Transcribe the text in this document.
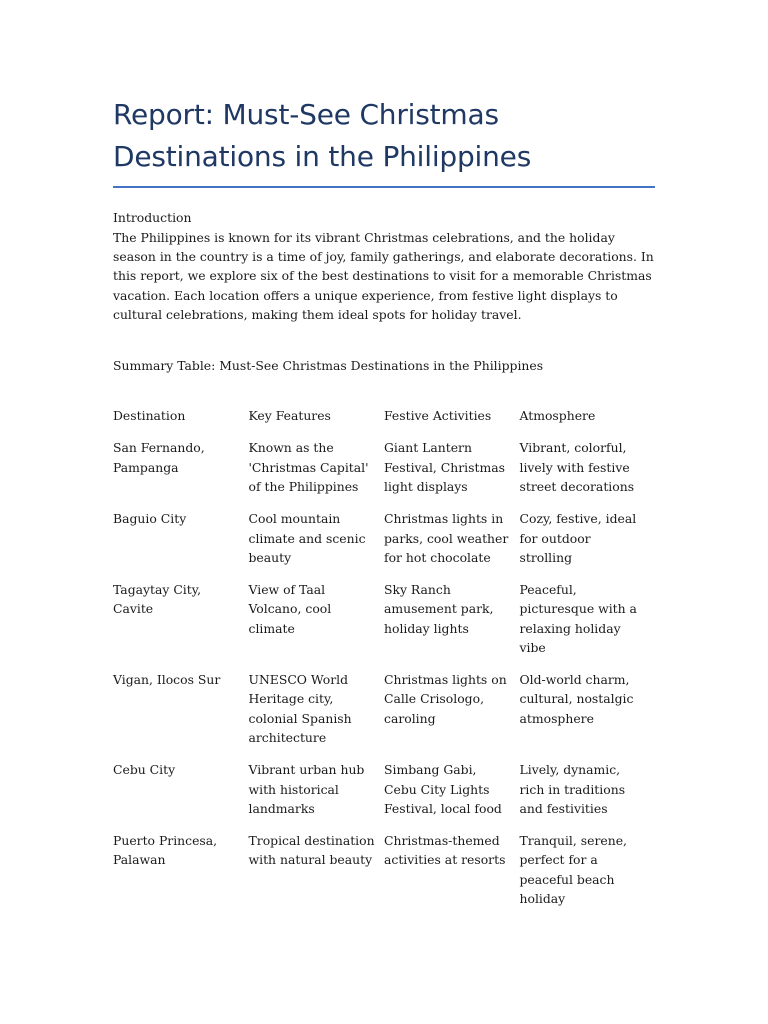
Report: Must-See Christmas Destinations in the Philippines
Introduction

The Philippines is known for its vibrant Christmas celebrations, and the holiday season in the country is a time of joy, family gatherings, and elaborate decorations. In this report, we explore six of the best destinations to visit for a memorable Christmas vacation. Each location offers a unique experience, from festive light displays to cultural celebrations, making them ideal spots for holiday travel.

Summary Table: Must-See Christmas Destinations in the Philippines
Destination	Key Features	Festive Activities	Atmosphere
San Fernando, Pampanga	Known as the 'Christmas Capital' of the Philippines	Giant Lantern Festival, Christmas light displays	Vibrant, colorful, lively with festive street decorations
Baguio City	Cool mountain climate and scenic beauty	Christmas lights in parks, cool weather for hot chocolate	Cozy, festive, ideal for outdoor strolling
Tagaytay City, Cavite	View of Taal Volcano, cool climate	Sky Ranch amusement park, holiday lights	Peaceful, picturesque with a relaxing holiday vibe
Vigan, Ilocos Sur	UNESCO World Heritage city, colonial Spanish architecture	Christmas lights on Calle Crisologo, caroling	Old-world charm, cultural, nostalgic atmosphere
Cebu City	Vibrant urban hub with historical landmarks	Simbang Gabi, Cebu City Lights Festival, local food	Lively, dynamic, rich in traditions and festivities
Puerto Princesa, Palawan	Tropical destination with natural beauty	Christmas-themed activities at resorts	Tranquil, serene, perfect for a peaceful beach holiday
